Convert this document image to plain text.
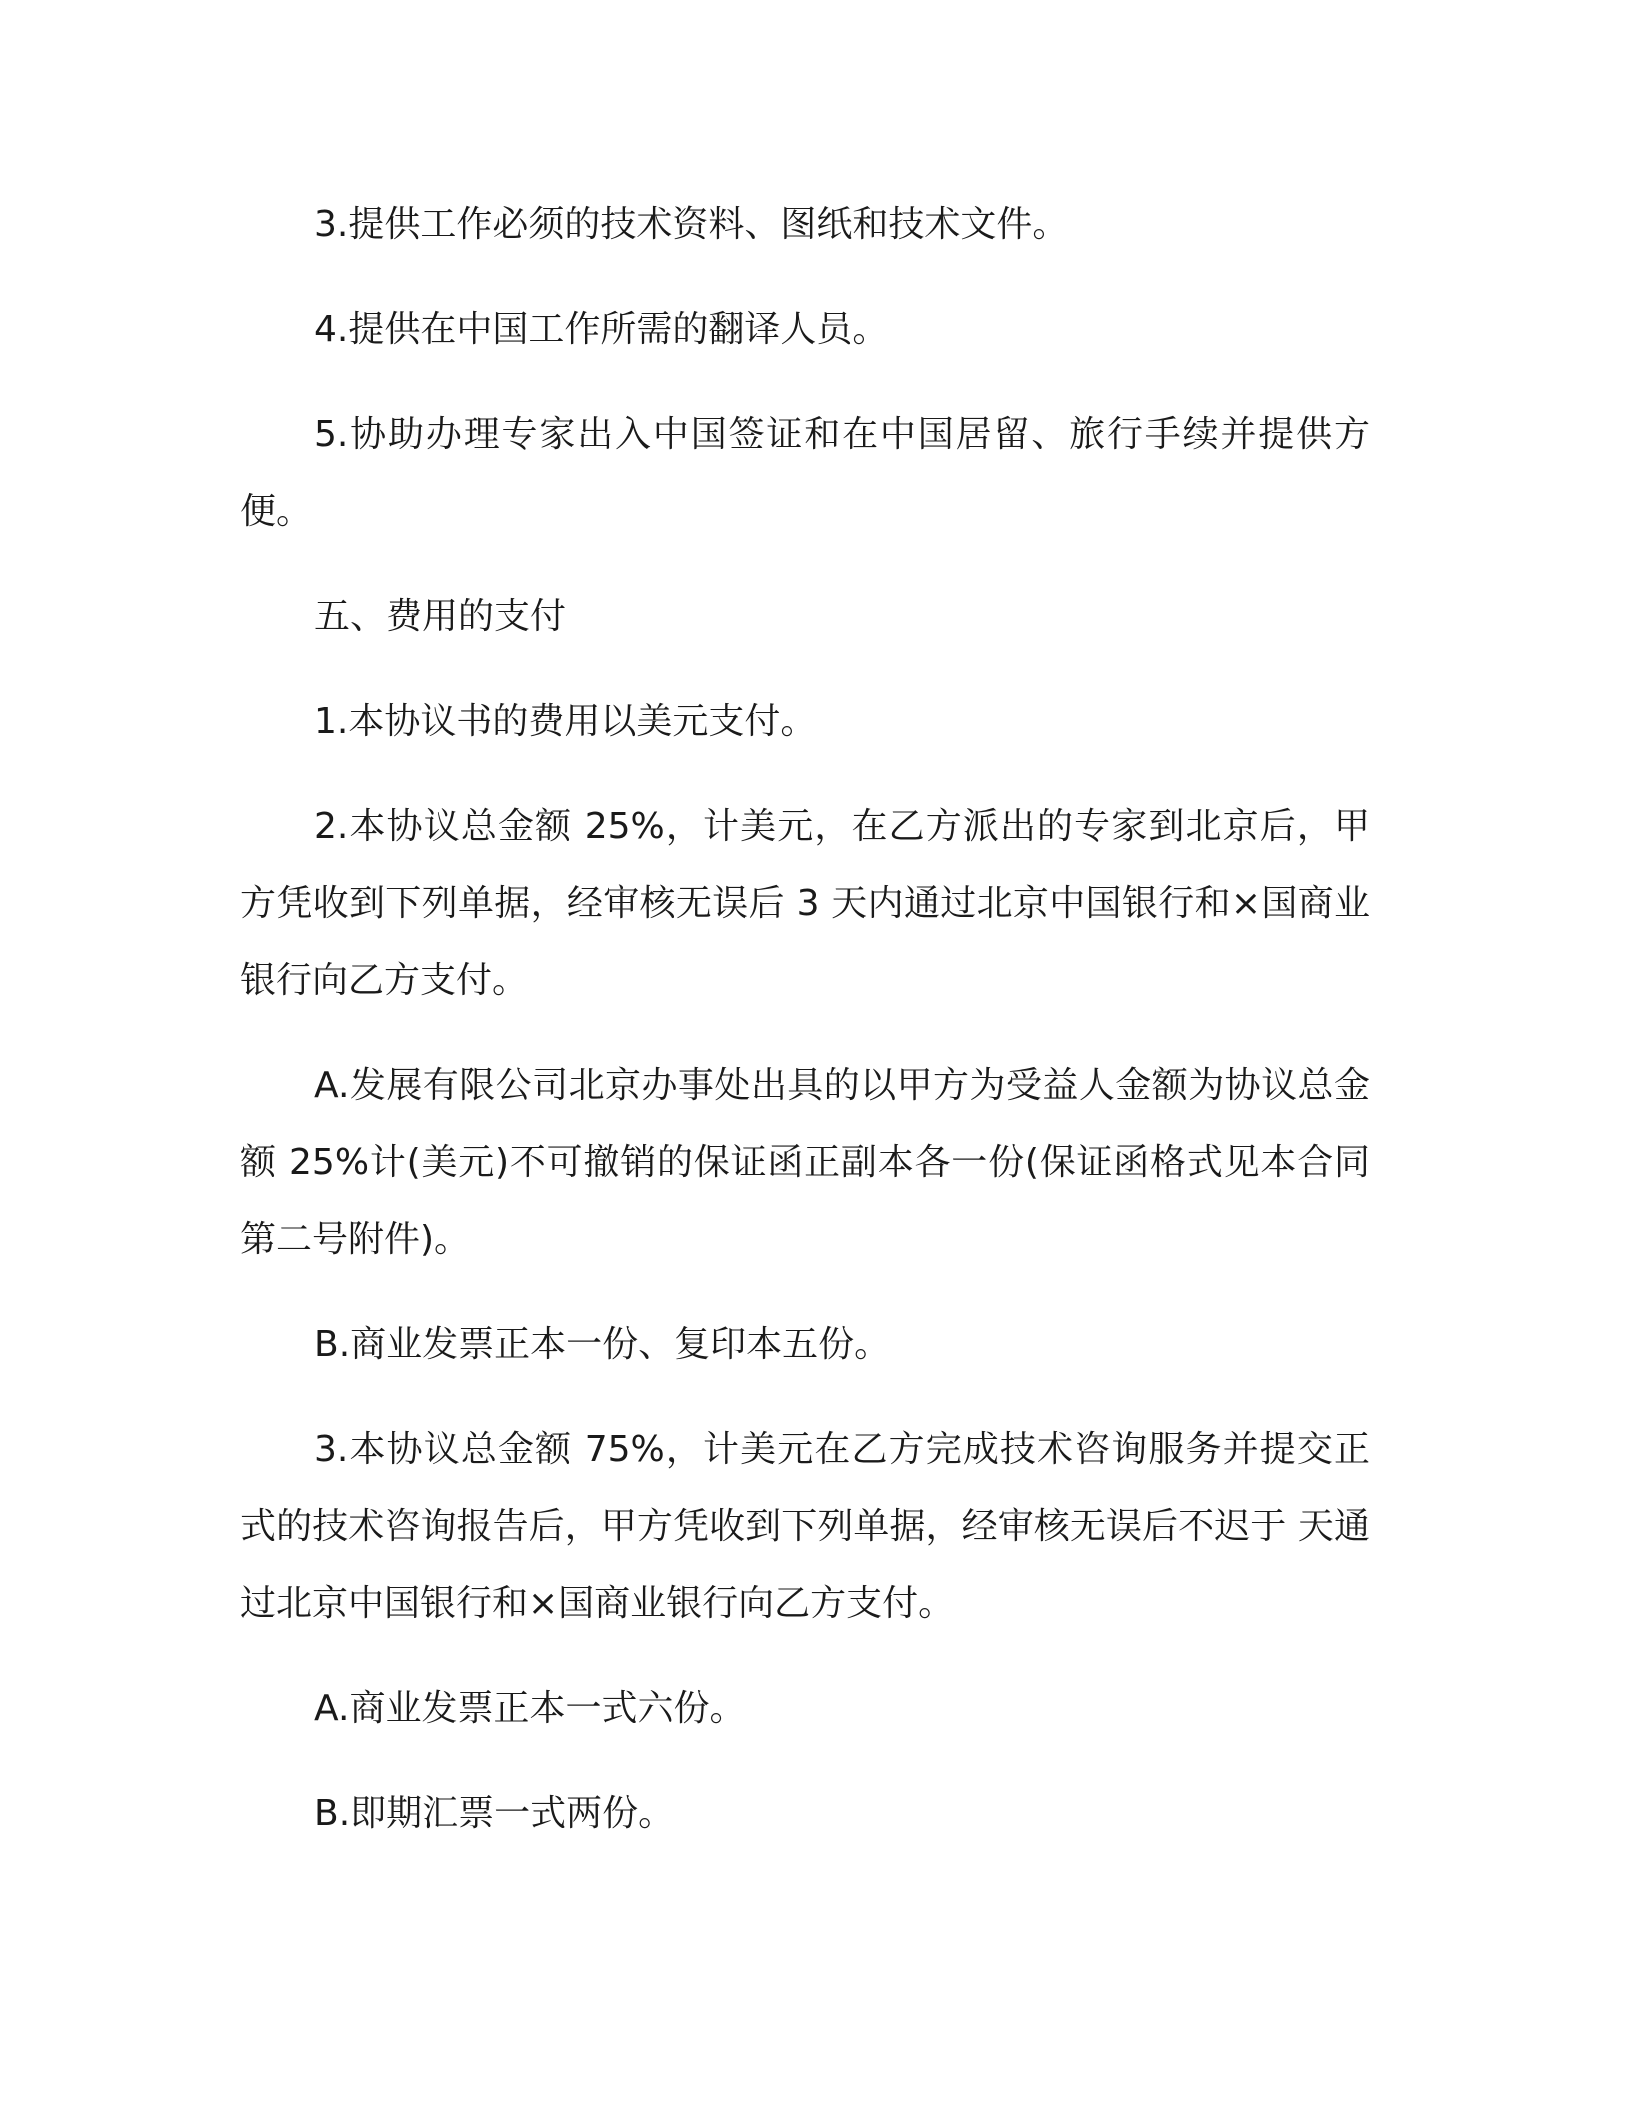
3.提供工作必须的技术资料、图纸和技术文件。

4.提供在中国工作所需的翻译人员。

5.协助办理专家出入中国签证和在中国居留、旅行手续并提供方便。

五、费用的支付

1.本协议书的费用以美元支付。

2.本协议总金额 25%，计美元，在乙方派出的专家到北京后，甲方凭收到下列单据，经审核无误后 3 天内通过北京中国银行和×国商业银行向乙方支付。

A.发展有限公司北京办事处出具的以甲方为受益人金额为协议总金额 25%计(美元)不可撤销的保证函正副本各一份(保证函格式见本合同第二号附件)。

B.商业发票正本一份、复印本五份。

3.本协议总金额 75%，计美元在乙方完成技术咨询服务并提交正式的技术咨询报告后，甲方凭收到下列单据，经审核无误后不迟于 天通过北京中国银行和×国商业银行向乙方支付。

A.商业发票正本一式六份。

B.即期汇票一式两份。
